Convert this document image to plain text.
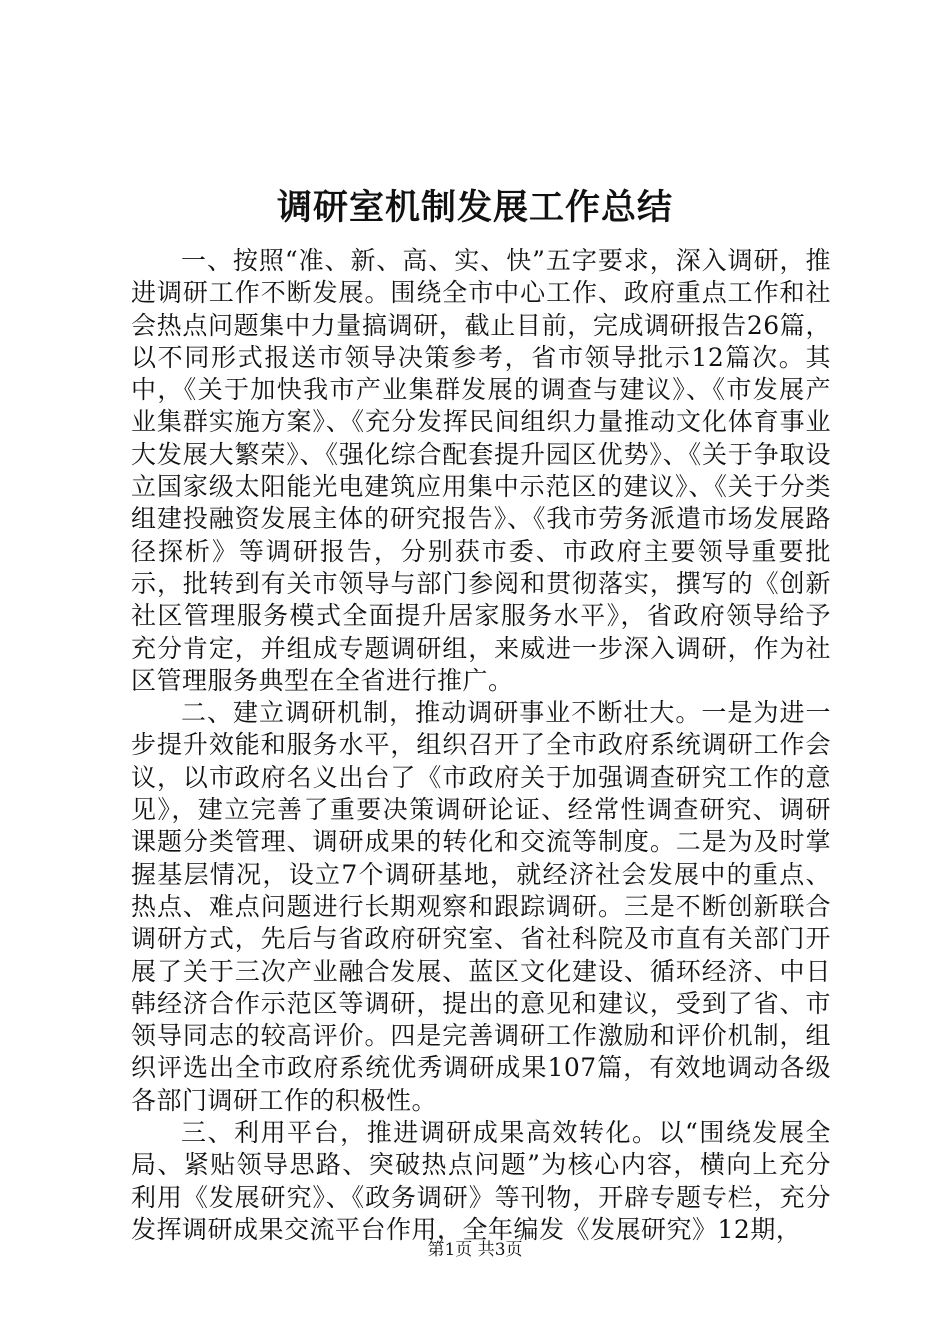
调研室机制发展工作总结

一、按照“准、新、高、实、快”五字要求，深入调研，推进调研工作不断发展。围绕全市中心工作、政府重点工作和社会热点问题集中力量搞调研，截止目前，完成调研报告26篇，以不同形式报送市领导决策参考，省市领导批示12篇次。其中，《关于加快我市产业集群发展的调查与建议》、《市发展产业集群实施方案》、《充分发挥民间组织力量推动文化体育事业大发展大繁荣》、《强化综合配套提升园区优势》、《关于争取设立国家级太阳能光电建筑应用集中示范区的建议》、《关于分类组建投融资发展主体的研究报告》、《我市劳务派遣市场发展路径探析》等调研报告，分别获市委、市政府主要领导重要批示，批转到有关市领导与部门参阅和贯彻落实，撰写的《创新社区管理服务模式全面提升居家服务水平》，省政府领导给予充分肯定，并组成专题调研组，来威进一步深入调研，作为社区管理服务典型在全省进行推广。

二、建立调研机制，推动调研事业不断壮大。一是为进一步提升效能和服务水平，组织召开了全市政府系统调研工作会议，以市政府名义出台了《市政府关于加强调查研究工作的意见》，建立完善了重要决策调研论证、经常性调查研究、调研课题分类管理、调研成果的转化和交流等制度。二是为及时掌握基层情况，设立7个调研基地，就经济社会发展中的重点、热点、难点问题进行长期观察和跟踪调研。三是不断创新联合调研方式，先后与省政府研究室、省社科院及市直有关部门开展了关于三次产业融合发展、蓝区文化建设、循环经济、中日韩经济合作示范区等调研，提出的意见和建议，受到了省、市领导同志的较高评价。四是完善调研工作激励和评价机制，组织评选出全市政府系统优秀调研成果107篇，有效地调动各级各部门调研工作的积极性。

三、利用平台，推进调研成果高效转化。以“围绕发展全局、紧贴领导思路、突破热点问题”为核心内容，横向上充分利用《发展研究》、《政务调研》等刊物，开辟专题专栏，充分发挥调研成果交流平台作用，全年编发《发展研究》12期，

第1页 共3页
